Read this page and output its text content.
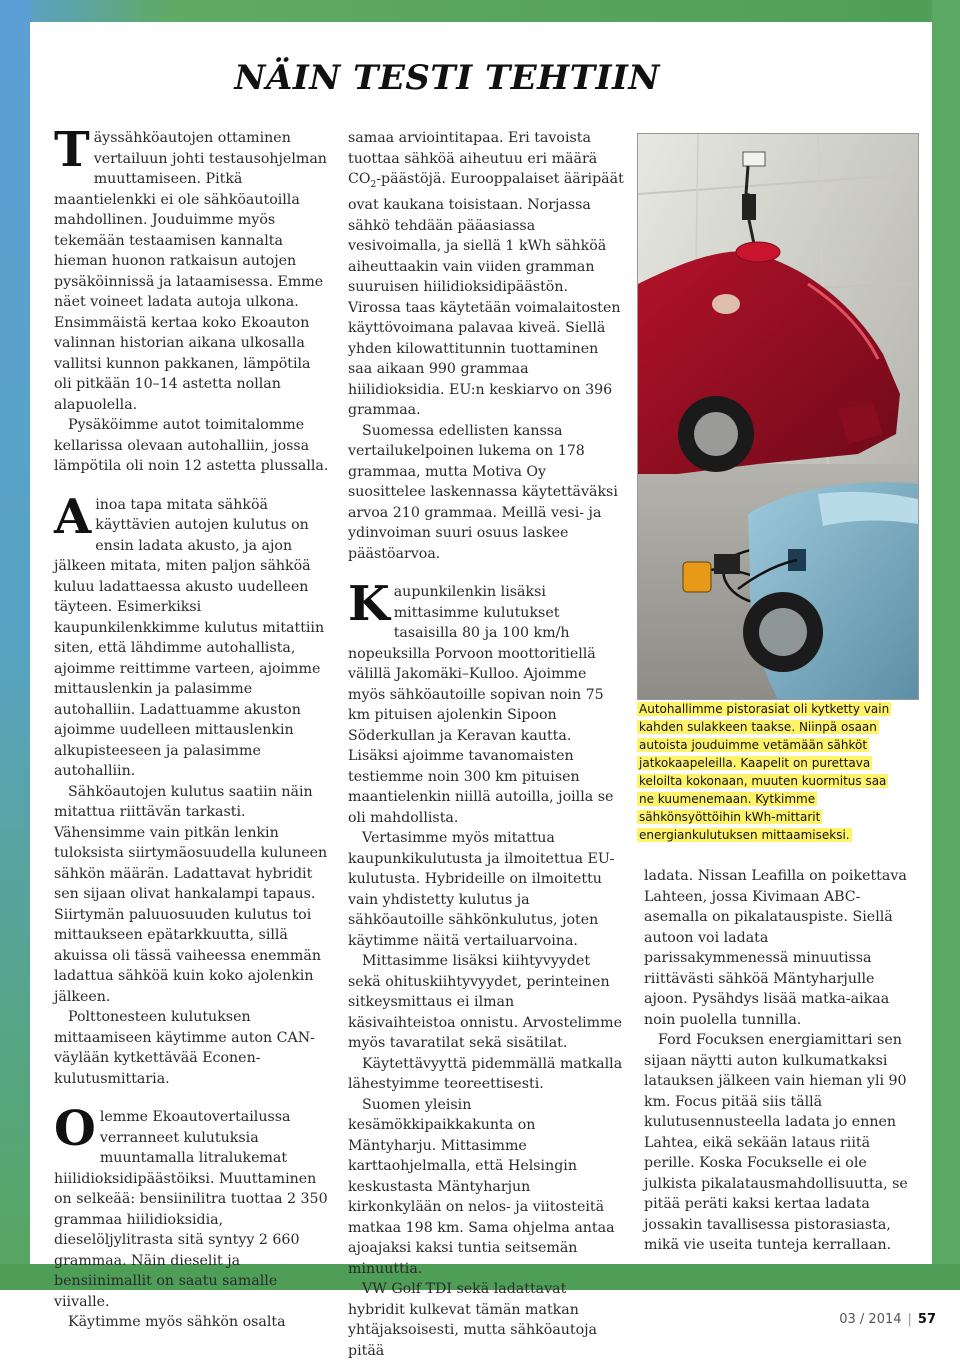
NÄIN TESTI TEHTIIN

Täyssähköautojen ottaminen vertailuun johti testausohjelman muuttamiseen. Pitkä maantielenkki ei ole sähköautoilla mahdollinen. Jouduimme myös tekemään testaamisen kannalta hieman huonon ratkaisun autojen pysäköinnissä ja lataamisessa. Emme näet voineet ladata autoja ulkona. Ensimmäistä kertaa koko Ekoauton valinnan historian aikana ulkosalla vallitsi kunnon pakkanen, lämpötila oli pitkään 10–14 astetta nollan alapuolella.

Pysäköimme autot toimitalomme kellarissa olevaan autohalliin, jossa lämpötila oli noin 12 astetta plussalla.

Ainoa tapa mitata sähköä käyttävien autojen kulutus on ensin ladata akusto, ja ajon jälkeen mitata, miten paljon sähköä kuluu ladattaessa akusto uudelleen täyteen. Esimerkiksi kaupunkilenkkimme kulutus mitattiin siten, että lähdimme autohallista, ajoimme reittimme varteen, ajoimme mittauslenkin ja palasimme autohalliin. Ladattuamme akuston ajoimme uudelleen mittauslenkin alkupisteeseen ja palasimme autohalliin.

Sähköautojen kulutus saatiin näin mitattua riittävän tarkasti. Vähensimme vain pitkän lenkin tuloksista siirtymäosuudella kuluneen sähkön määrän. Ladattavat hybridit sen sijaan olivat hankalampi tapaus. Siirtymän paluuosuuden kulutus toi mittaukseen epätarkkuutta, sillä akuissa oli tässä vaiheessa enemmän ladattua sähköä kuin koko ajolenkin jälkeen.

Polttonesteen kulutuksen mittaamiseen käytimme auton CAN-väylään kytkettävää Econen-kulutusmittaria.

Olemme Ekoautovertailussa verranneet kulutuksia muuntamalla litralukemat hiilidioksidipäästöiksi. Muuttaminen on selkeää: bensiinilitra tuottaa 2 350 grammaa hiilidioksidia, dieselöljylitrasta sitä syntyy 2 660 grammaa. Näin dieselit ja bensiinimallit on saatu samalle viivalle.

Käytimme myös sähkön osalta

samaa arviointitapaa. Eri tavoista tuottaa sähköä aiheutuu eri määrä $CO_2$-päästöjä. Eurooppalaiset ääripäät ovat kaukana toisistaan. Norjassa sähkö tehdään pääasiassa vesivoimalla, ja siellä 1 kWh sähköä aiheuttaakin vain viiden gramman suuruisen hiilidioksidipäästön. Virossa taas käytetään voimalaitosten käyttövoimana palavaa kiveä. Siellä yhden kilowattitunnin tuottaminen saa aikaan 990 grammaa hiilidioksidia. EU:n keskiarvo on 396 grammaa.

Suomessa edellisten kanssa vertailukelpoinen lukema on 178 grammaa, mutta Motiva Oy suosittelee laskennassa käytettäväksi arvoa 210 grammaa. Meillä vesi- ja ydinvoiman suuri osuus laskee päästöarvoa.

Kaupunkilenkin lisäksi mittasimme kulutukset tasaisilla 80 ja 100 km/h nopeuksilla Porvoon moottoritiellä välillä Jakomäki–Kulloo. Ajoimme myös sähköautoille sopivan noin 75 km pituisen ajolenkin Sipoon Söderkullan ja Keravan kautta. Lisäksi ajoimme tavanomaisten testiemme noin 300 km pituisen maantielenkin niillä autoilla, joilla se oli mahdollista.

Vertasimme myös mitattua kaupunkikulutusta ja ilmoitettua EU-kulutusta. Hybrideille on ilmoitettu vain yhdistetty kulutus ja sähköautoille sähkönkulutus, joten käytimme näitä vertailuarvoina.

Mittasimme lisäksi kiihtyvyydet sekä ohituskiihtyvyydet, perinteinen sitkeysmittaus ei ilman käsivaihteistoa onnistu. Arvostelimme myös tavaratilat sekä sisätilat.

Käytettävyyttä pidemmällä matkalla lähestyimme teoreettisesti.

Suomen yleisin kesämökkipaikkakunta on Mäntyharju. Mittasimme karttaohjelmalla, että Helsingin keskustasta Mäntyharjun kirkonkylään on nelos- ja viitosteitä matkaa 198 km. Sama ohjelma antaa ajoajaksi kaksi tuntia seitsemän minuuttia.

VW Golf TDI sekä ladattavat hybridit kulkevat tämän matkan yhtäjaksoisesti, mutta sähköautoja pitää

Autohallimme pistorasiat oli kytketty vain kahden sulakkeen taakse. Niinpä osaan autoista jouduimme vetämään sähköt jatkokaapeleilla. Kaapelit on purettava keloilta kokonaan, muuten kuormitus saa ne kuumenemaan. Kytkimme sähkönsyöttöihin kWh-mittarit energiankulutuksen mittaamiseksi.

ladata. Nissan Leafilla on poikettava Lahteen, jossa Kivimaan ABC-asemalla on pikalatauspiste. Siellä autoon voi ladata parissakymmenessä minuutissa riittävästi sähköä Mäntyharjulle ajoon. Pysähdys lisää matka-aikaa noin puolella tunnilla.

Ford Focuksen energiamittari sen sijaan näytti auton kulkumatkaksi latauksen jälkeen vain hieman yli 90 km. Focus pitää siis tällä kulutusennusteella ladata jo ennen Lahtea, eikä sekään lataus riitä perille. Koska Focukselle ei ole julkista pikalatausmahdollisuutta, se pitää peräti kaksi kertaa ladata jossakin tavallisessa pistorasiasta, mikä vie useita tunteja kerrallaan.

03 / 2014 | 57
